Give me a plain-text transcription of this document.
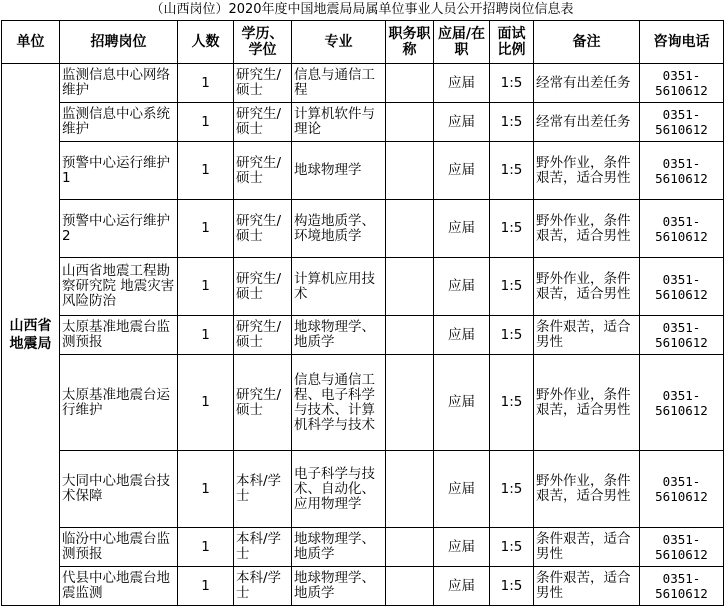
（山西岗位）2020年度中国地震局局属单位事业人员公开招聘岗位信息表
单位	招聘岗位	人数	学历、学位	专业	职务职称	应届/在职	面试比例	备注	咨询电话
山西省地震局	监测信息中心网络维护	1	研究生/硕士	信息与通信工程		应届	1:5	经常有出差任务	0351-5610612
	监测信息中心系统维护	1	研究生/硕士	计算机软件与理论		应届	1:5	经常有出差任务	0351-5610612
	预警中心运行维护1	1	研究生/硕士	地球物理学		应届	1:5	野外作业，条件艰苦，适合男性	0351-5610612
	预警中心运行维护2	1	研究生/硕士	构造地质学、环境地质学		应届	1:5	野外作业，条件艰苦，适合男性	0351-5610612
	山西省地震工程勘察研究院 地震灾害风险防治	1	研究生/硕士	计算机应用技术		应届	1:5	野外作业，条件艰苦，适合男性	0351-5610612
	太原基准地震台监测预报	1	研究生/硕士	地球物理学、地质学		应届	1:5	条件艰苦，适合男性	0351-5610612
	太原基准地震台运行维护	1	研究生/硕士	信息与通信工程、电子科学与技术、计算机科学与技术		应届	1:5	野外作业，条件艰苦，适合男性	0351-5610612
	大同中心地震台技术保障	1	本科/学士	电子科学与技术、自动化、应用物理学		应届	1:5	野外作业，条件艰苦，适合男性	0351-5610612
	临汾中心地震台监测预报	1	本科/学士	地球物理学、地质学		应届	1:5	条件艰苦，适合男性	0351-5610612
	代县中心地震台地震监测	1	本科/学士	地球物理学、地质学		应届	1:5	条件艰苦，适合男性	0351-5610612
